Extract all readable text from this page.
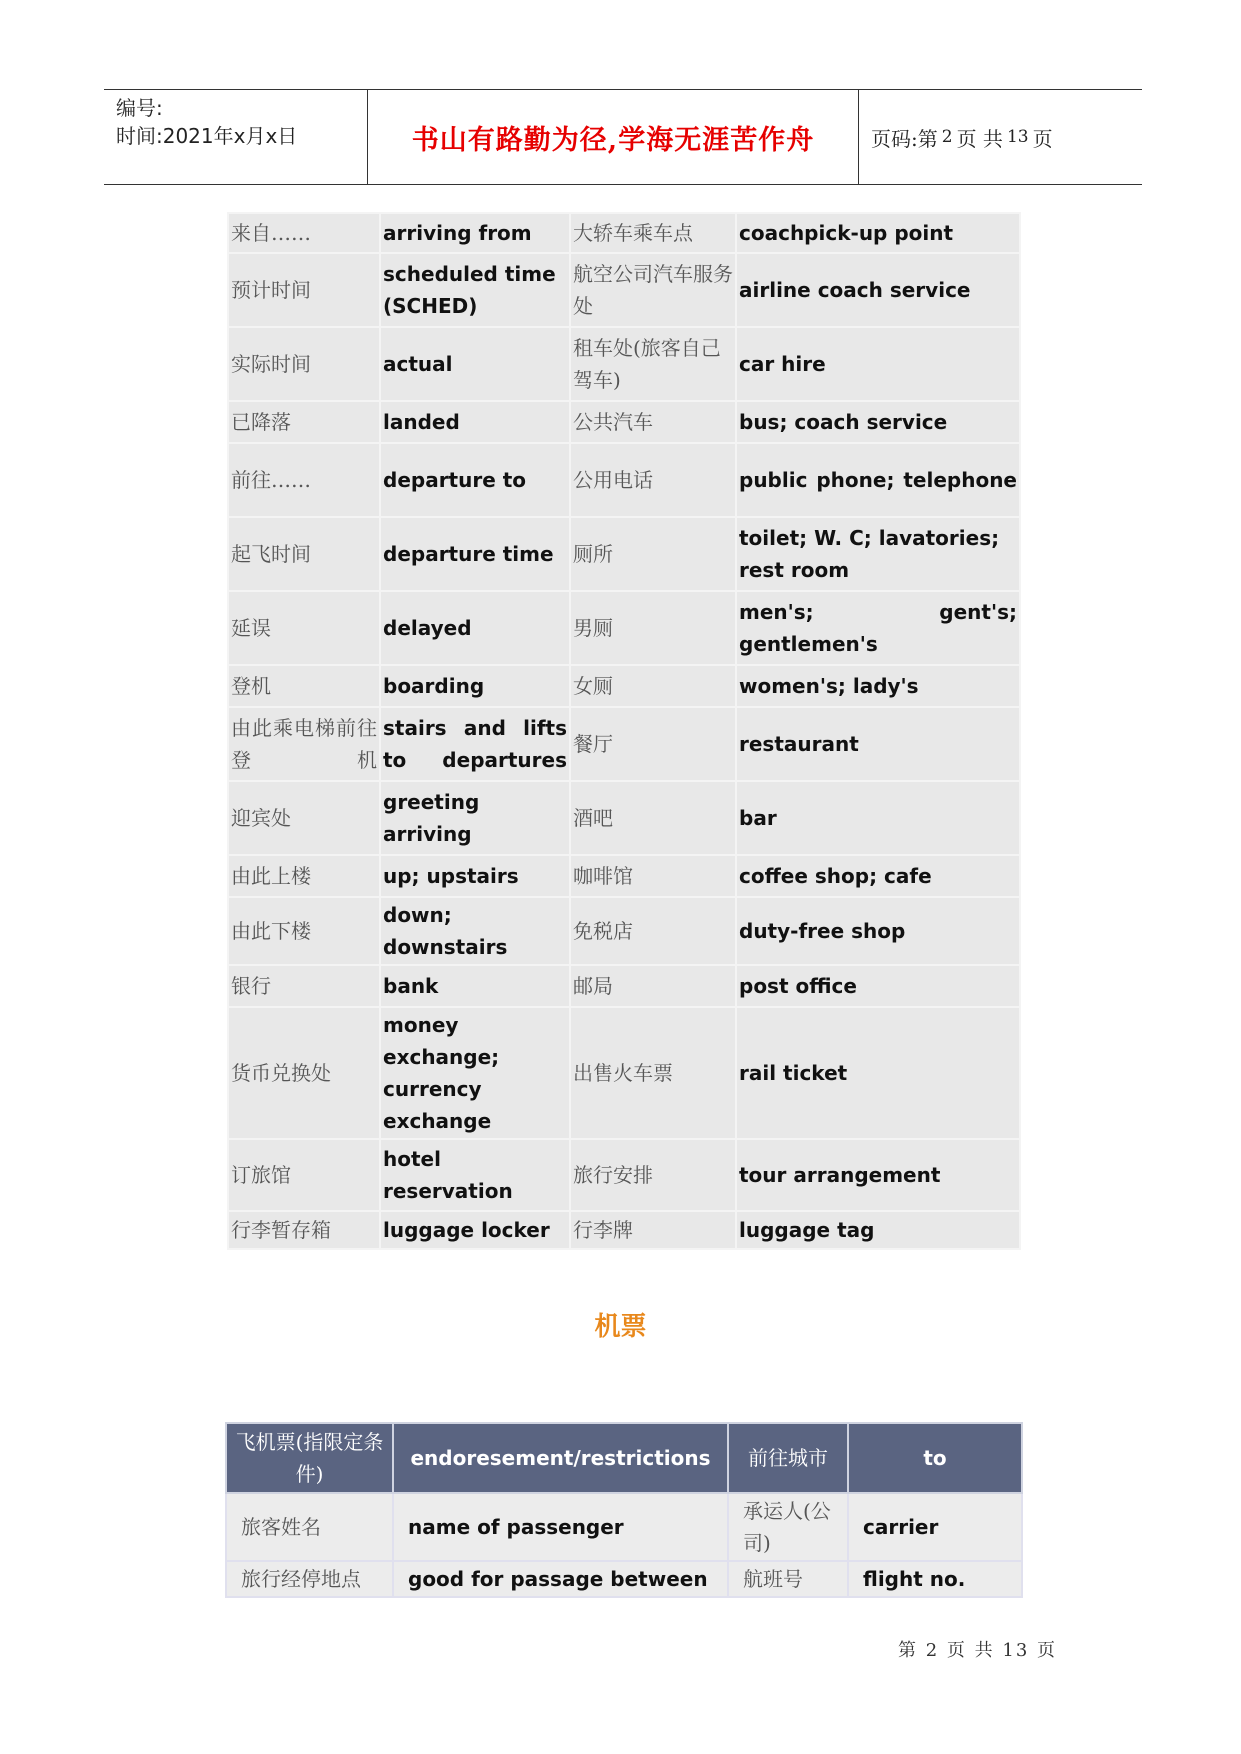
编号:
时间:2021年x月x日	书山有路勤为径,学海无涯苦作舟	页码:第 2 页 共 13 页
来自……	arriving from	大轿车乘车点	coachpick-up point
预计时间	scheduled time (SCHED)	航空公司汽车服务处	airline coach service
实际时间	actual	租车处(旅客自己驾车)	car hire
已降落	landed	公共汽车	bus; coach service
前往……	departure to	公用电话	public phone; telephone
起飞时间	departure time	厕所	toilet; W. C; lavatories; rest room
延误	delayed	男厕	men's; gent's; gentlemen's
登机	boarding	女厕	women's; lady's
由此乘电梯前往登机	stairs and lifts to departures	餐厅	restaurant
迎宾处	greeting arriving	酒吧	bar
由此上楼	up; upstairs	咖啡馆	coffee shop; cafe
由此下楼	down; downstairs	免税店	duty-free shop
银行	bank	邮局	post office
货币兑换处	money exchange; currency exchange	出售火车票	rail ticket
订旅馆	hotel reservation	旅行安排	tour arrangement
行李暂存箱	luggage locker	行李牌	luggage tag
机票
飞机票(指限定条件)	endoresement/restrictions	前往城市	to
旅客姓名	name of passenger	承运人(公司)	carrier
旅行经停地点	good for passage between	航班号	flight no.
第 2 页 共 13 页
